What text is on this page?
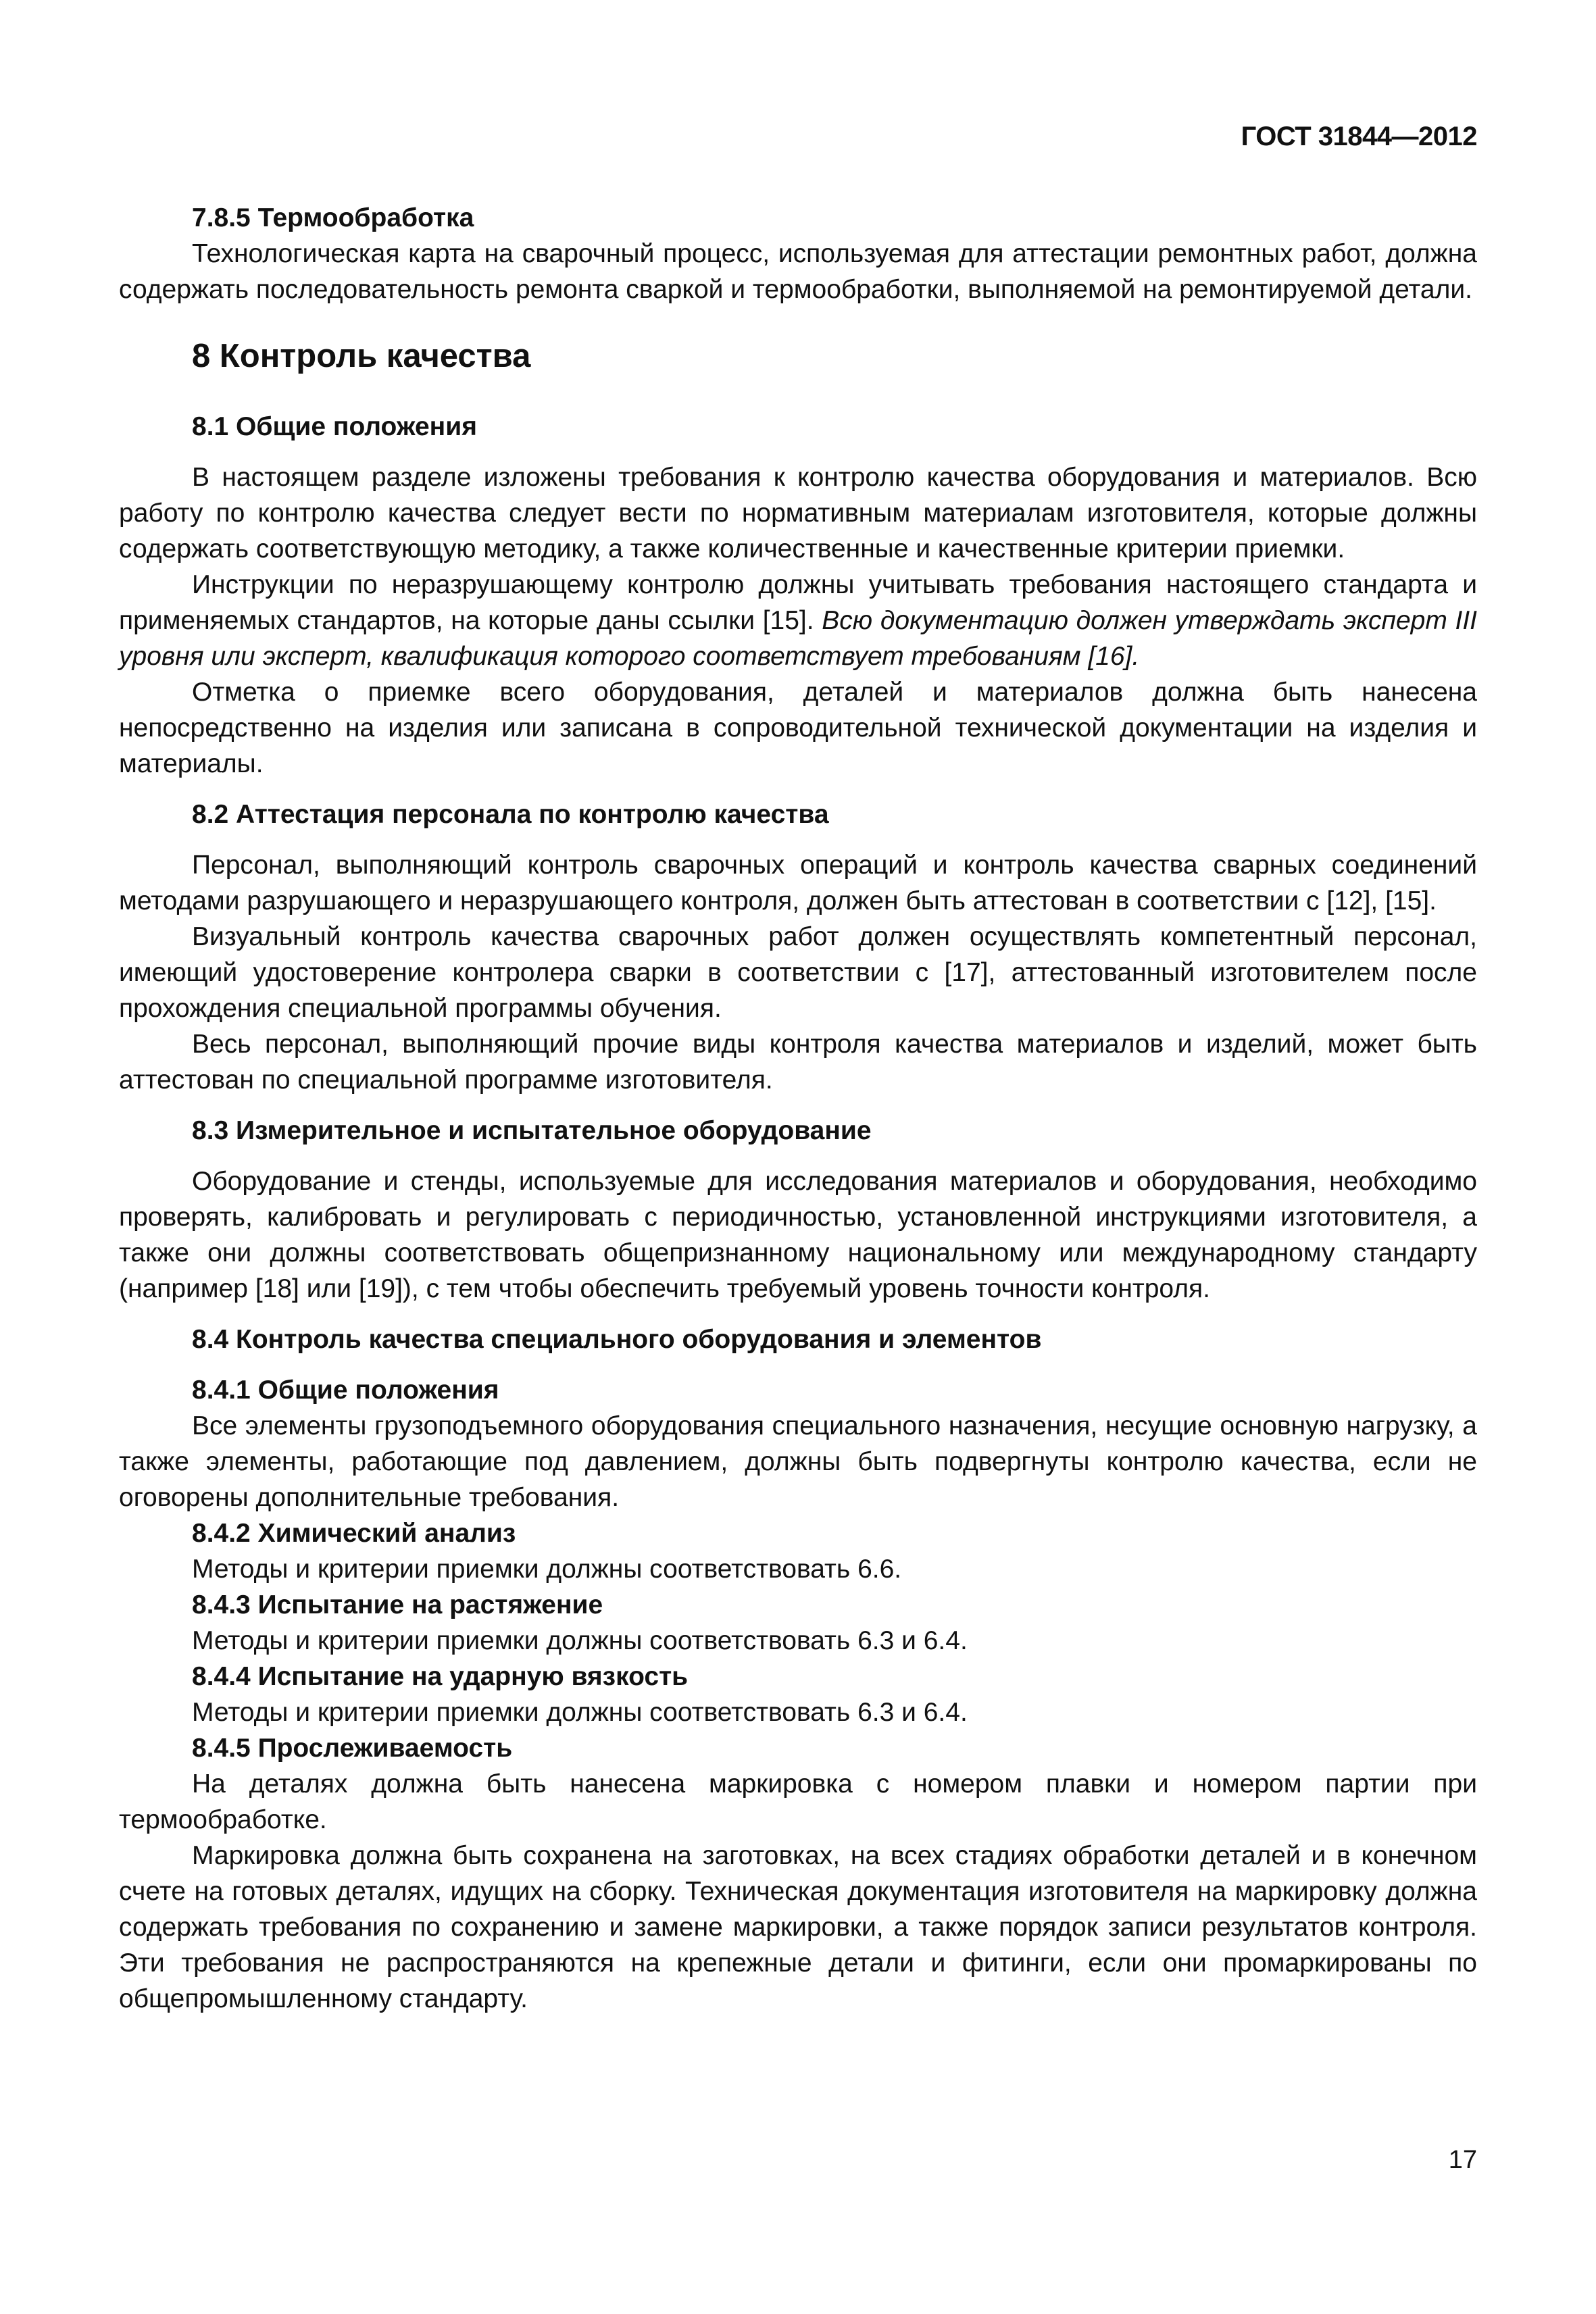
ГОСТ 31844—2012
7.8.5 Термообработка

Технологическая карта на сварочный процесс, используемая для аттестации ремонтных работ, должна содержать последовательность ремонта сваркой и термообработки, выполняемой на ремонтируемой детали.

8 Контроль качества
8.1 Общие положения

В настоящем разделе изложены требования к контролю качества оборудования и материалов. Всю работу по контролю качества следует вести по нормативным материалам изготовителя, которые должны содержать соответствующую методику, а также количественные и качественные критерии приемки.

Инструкции по неразрушающему контролю должны учитывать требования настоящего стандарта и применяемых стандартов, на которые даны ссылки [15]. Всю документацию должен утверждать эксперт III уровня или эксперт, квалификация которого соответствует требованиям [16].

Отметка о приемке всего оборудования, деталей и материалов должна быть нанесена непосредственно на изделия или записана в сопроводительной технической документации на изделия и материалы.

8.2 Аттестация персонала по контролю качества

Персонал, выполняющий контроль сварочных операций и контроль качества сварных соединений методами разрушающего и неразрушающего контроля, должен быть аттестован в соответствии с [12], [15].

Визуальный контроль качества сварочных работ должен осуществлять компетентный персонал, имеющий удостоверение контролера сварки в соответствии с [17], аттестованный изготовителем после прохождения специальной программы обучения.

Весь персонал, выполняющий прочие виды контроля качества материалов и изделий, может быть аттестован по специальной программе изготовителя.

8.3 Измерительное и испытательное оборудование

Оборудование и стенды, используемые для исследования материалов и оборудования, необходимо проверять, калибровать и регулировать с периодичностью, установленной инструкциями изготовителя, а также они должны соответствовать общепризнанному национальному или международному стандарту (например [18] или [19]), с тем чтобы обеспечить требуемый уровень точности контроля.

8.4 Контроль качества специального оборудования и элементов
8.4.1 Общие положения

Все элементы грузоподъемного оборудования специального назначения, несущие основную нагрузку, а также элементы, работающие под давлением, должны быть подвергнуты контролю качества, если не оговорены дополнительные требования.

8.4.2 Химический анализ

Методы и критерии приемки должны соответствовать 6.6.

8.4.3 Испытание на растяжение

Методы и критерии приемки должны соответствовать 6.3 и 6.4.

8.4.4 Испытание на ударную вязкость

Методы и критерии приемки должны соответствовать 6.3 и 6.4.

8.4.5 Прослеживаемость

На деталях должна быть нанесена маркировка с номером плавки и номером партии при термообработке.

Маркировка должна быть сохранена на заготовках, на всех стадиях обработки деталей и в конечном счете на готовых деталях, идущих на сборку. Техническая документация изготовителя на маркировку должна содержать требования по сохранению и замене маркировки, а также порядок записи результатов контроля. Эти требования не распространяются на крепежные детали и фитинги, если они промаркированы по общепромышленному стандарту.

17
